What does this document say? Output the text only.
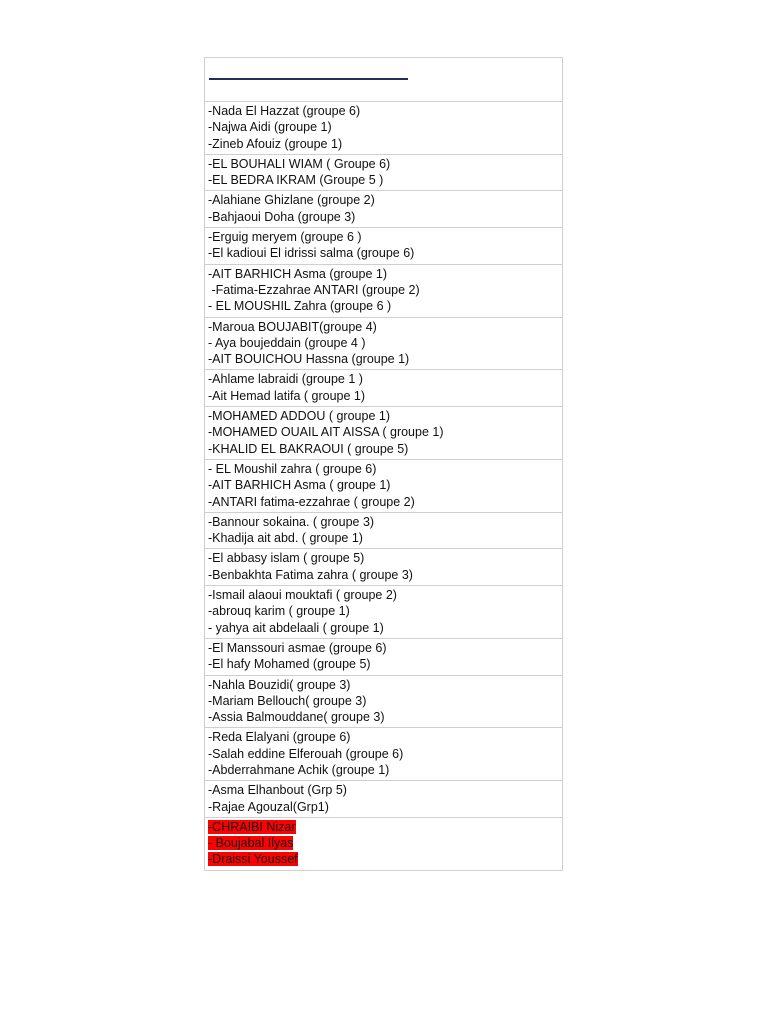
-Nada El Hazzat (groupe 6)
-Najwa Aidi (groupe 1)
-Zineb Afouiz (groupe 1)
-EL BOUHALI WIAM ( Groupe 6)
-EL BEDRA IKRAM (Groupe 5 )
-Alahiane Ghizlane (groupe 2)
-Bahjaoui Doha (groupe 3)
-Erguig meryem (groupe 6 )
-El kadioui El idrissi salma (groupe 6)
-AIT BARHICH Asma (groupe 1)
-Fatima-Ezzahrae ANTARI (groupe 2)
- EL MOUSHIL Zahra (groupe 6 )
-Maroua BOUJABIT(groupe 4)
- Aya boujeddain (groupe 4 )
-AIT BOUICHOU Hassna (groupe 1)
-Ahlame labraidi (groupe 1 )
-Ait Hemad latifa ( groupe 1)
-MOHAMED ADDOU ( groupe 1)
-MOHAMED OUAIL AIT AISSA ( groupe 1)
-KHALID EL BAKRAOUI ( groupe 5)
- EL Moushil zahra ( groupe 6)
-AIT BARHICH Asma ( groupe 1)
-ANTARI fatima-ezzahrae ( groupe 2)
-Bannour sokaina. ( groupe 3)
-Khadija ait abd. ( groupe 1)
-El abbasy islam ( groupe 5)
-Benbakhta Fatima zahra ( groupe 3)
-Ismail alaoui mouktafi ( groupe 2)
-abrouq karim ( groupe 1)
- yahya ait abdelaali ( groupe 1)
-El Manssouri asmae (groupe 6)
-El hafy Mohamed (groupe 5)
-Nahla Bouzidi( groupe 3)
-Mariam Bellouch( groupe 3)
-Assia Balmouddane( groupe 3)
-Reda Elalyani (groupe 6)
-Salah eddine Elferouah (groupe 6)
-Abderrahmane Achik (groupe 1)
-Asma Elhanbout (Grp 5)
-Rajae Agouzal(Grp1)
-CHRAIBI Nizar
- Boujabal Ilyas
-Draissi Youssef
